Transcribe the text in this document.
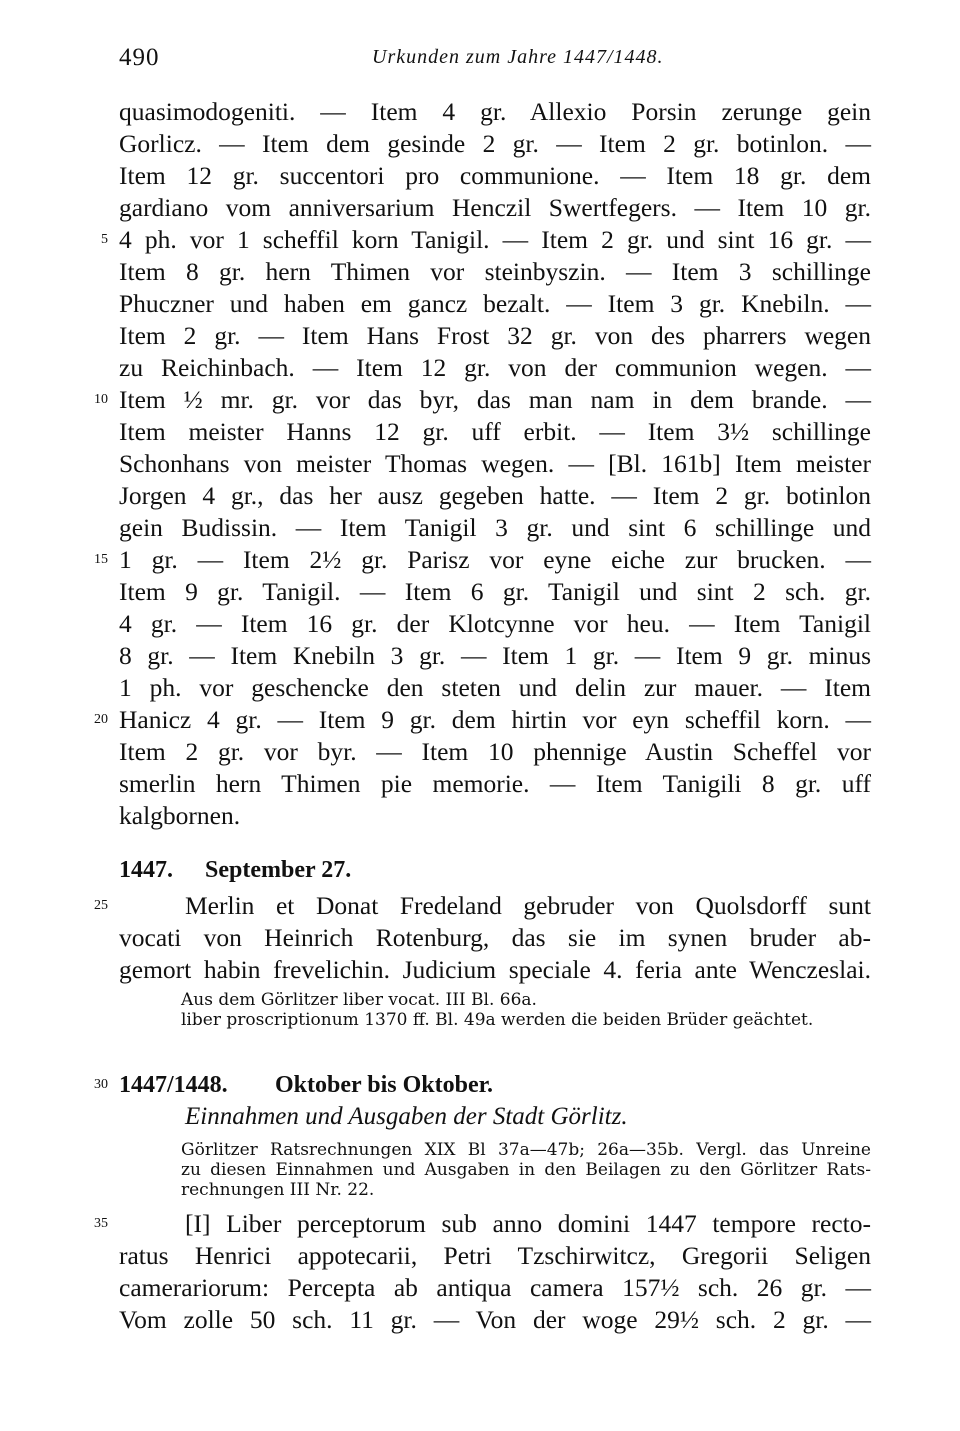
490	Urkunden zum Jahre 1447/1448.
quasimodogeniti. — Item 4 gr. Allexio Porsin zerunge gein
Gorlicz. — Item dem gesinde 2 gr. — Item 2 gr. botinlon. —
Item 12 gr. succentori pro communione. — Item 18 gr. dem
gardiano vom anniversarium Henczil Swertfegers. — Item 10 gr.
5 4 ph. vor 1 scheffil korn Tanigil. — Item 2 gr. und sint 16 gr. —
Item 8 gr. hern Thimen vor steinbyszin. — Item 3 schillinge
Phuczner und haben em gancz bezalt. — Item 3 gr. Knebiln. —
Item 2 gr. — Item Hans Frost 32 gr. von des pharrers wegen
zu Reichinbach. — Item 12 gr. von der communion wegen. —
10 Item ½ mr. gr. vor das byr, das man nam in dem brande. —
Item meister Hanns 12 gr. uff erbit. — Item 3½ schillinge
Schonhans von meister Thomas wegen. — [Bl. 161b] Item meister
Jorgen 4 gr., das her ausz gegeben hatte. — Item 2 gr. botinlon
gein Budissin. — Item Tanigil 3 gr. und sint 6 schillinge und
15 1 gr. — Item 2½ gr. Parisz vor eyne eiche zur brucken. —
Item 9 gr. Tanigil. — Item 6 gr. Tanigil und sint 2 sch. gr.
4 gr. — Item 16 gr. der Klotcynne vor heu. — Item Tanigil
8 gr. — Item Knebiln 3 gr. — Item 1 gr. — Item 9 gr. minus
1 ph. vor geschencke den steten und delin zur mauer. — Item
20 Hanicz 4 gr. — Item 9 gr. dem hirtin vor eyn scheffil korn. —
Item 2 gr. vor byr. — Item 10 phennige Austin Scheffel vor
smerlin hern Thimen pie memorie. — Item Tanigili 8 gr. uff
kalgbornen.
1447. September 27.
25	Merlin et Donat Fredeland gebruder von Quolsdorff sunt
vocati von Heinrich Rotenburg, das sie im synen bruder ab-
gemort habin frevelichin. Judicium speciale 4. feria ante Wenczeslai.
Aus dem Görlitzer liber vocat. III Bl. 66a.
liber proscriptionum 1370 ff. Bl. 49a werden die beiden Brüder geächtet.
30 1447/1448. Oktober bis Oktober.
Einnahmen und Ausgaben der Stadt Görlitz.
Görlitzer Ratsrechnungen XIX Bl 37a—47b; 26a—35b. Vergl. das Unreine
zu diesen Einnahmen und Ausgaben in den Beilagen zu den Görlitzer Rats-
rechnungen III Nr. 22.
35	[I] Liber perceptorum sub anno domini 1447 tempore recto-
ratus Henrici appotecarii, Petri Tzschirwitcz, Gregorii Seligen
camerariorum: Percepta ab antiqua camera 157½ sch. 26 gr. —
Vom zolle 50 sch. 11 gr. — Von der woge 29½ sch. 2 gr. —
